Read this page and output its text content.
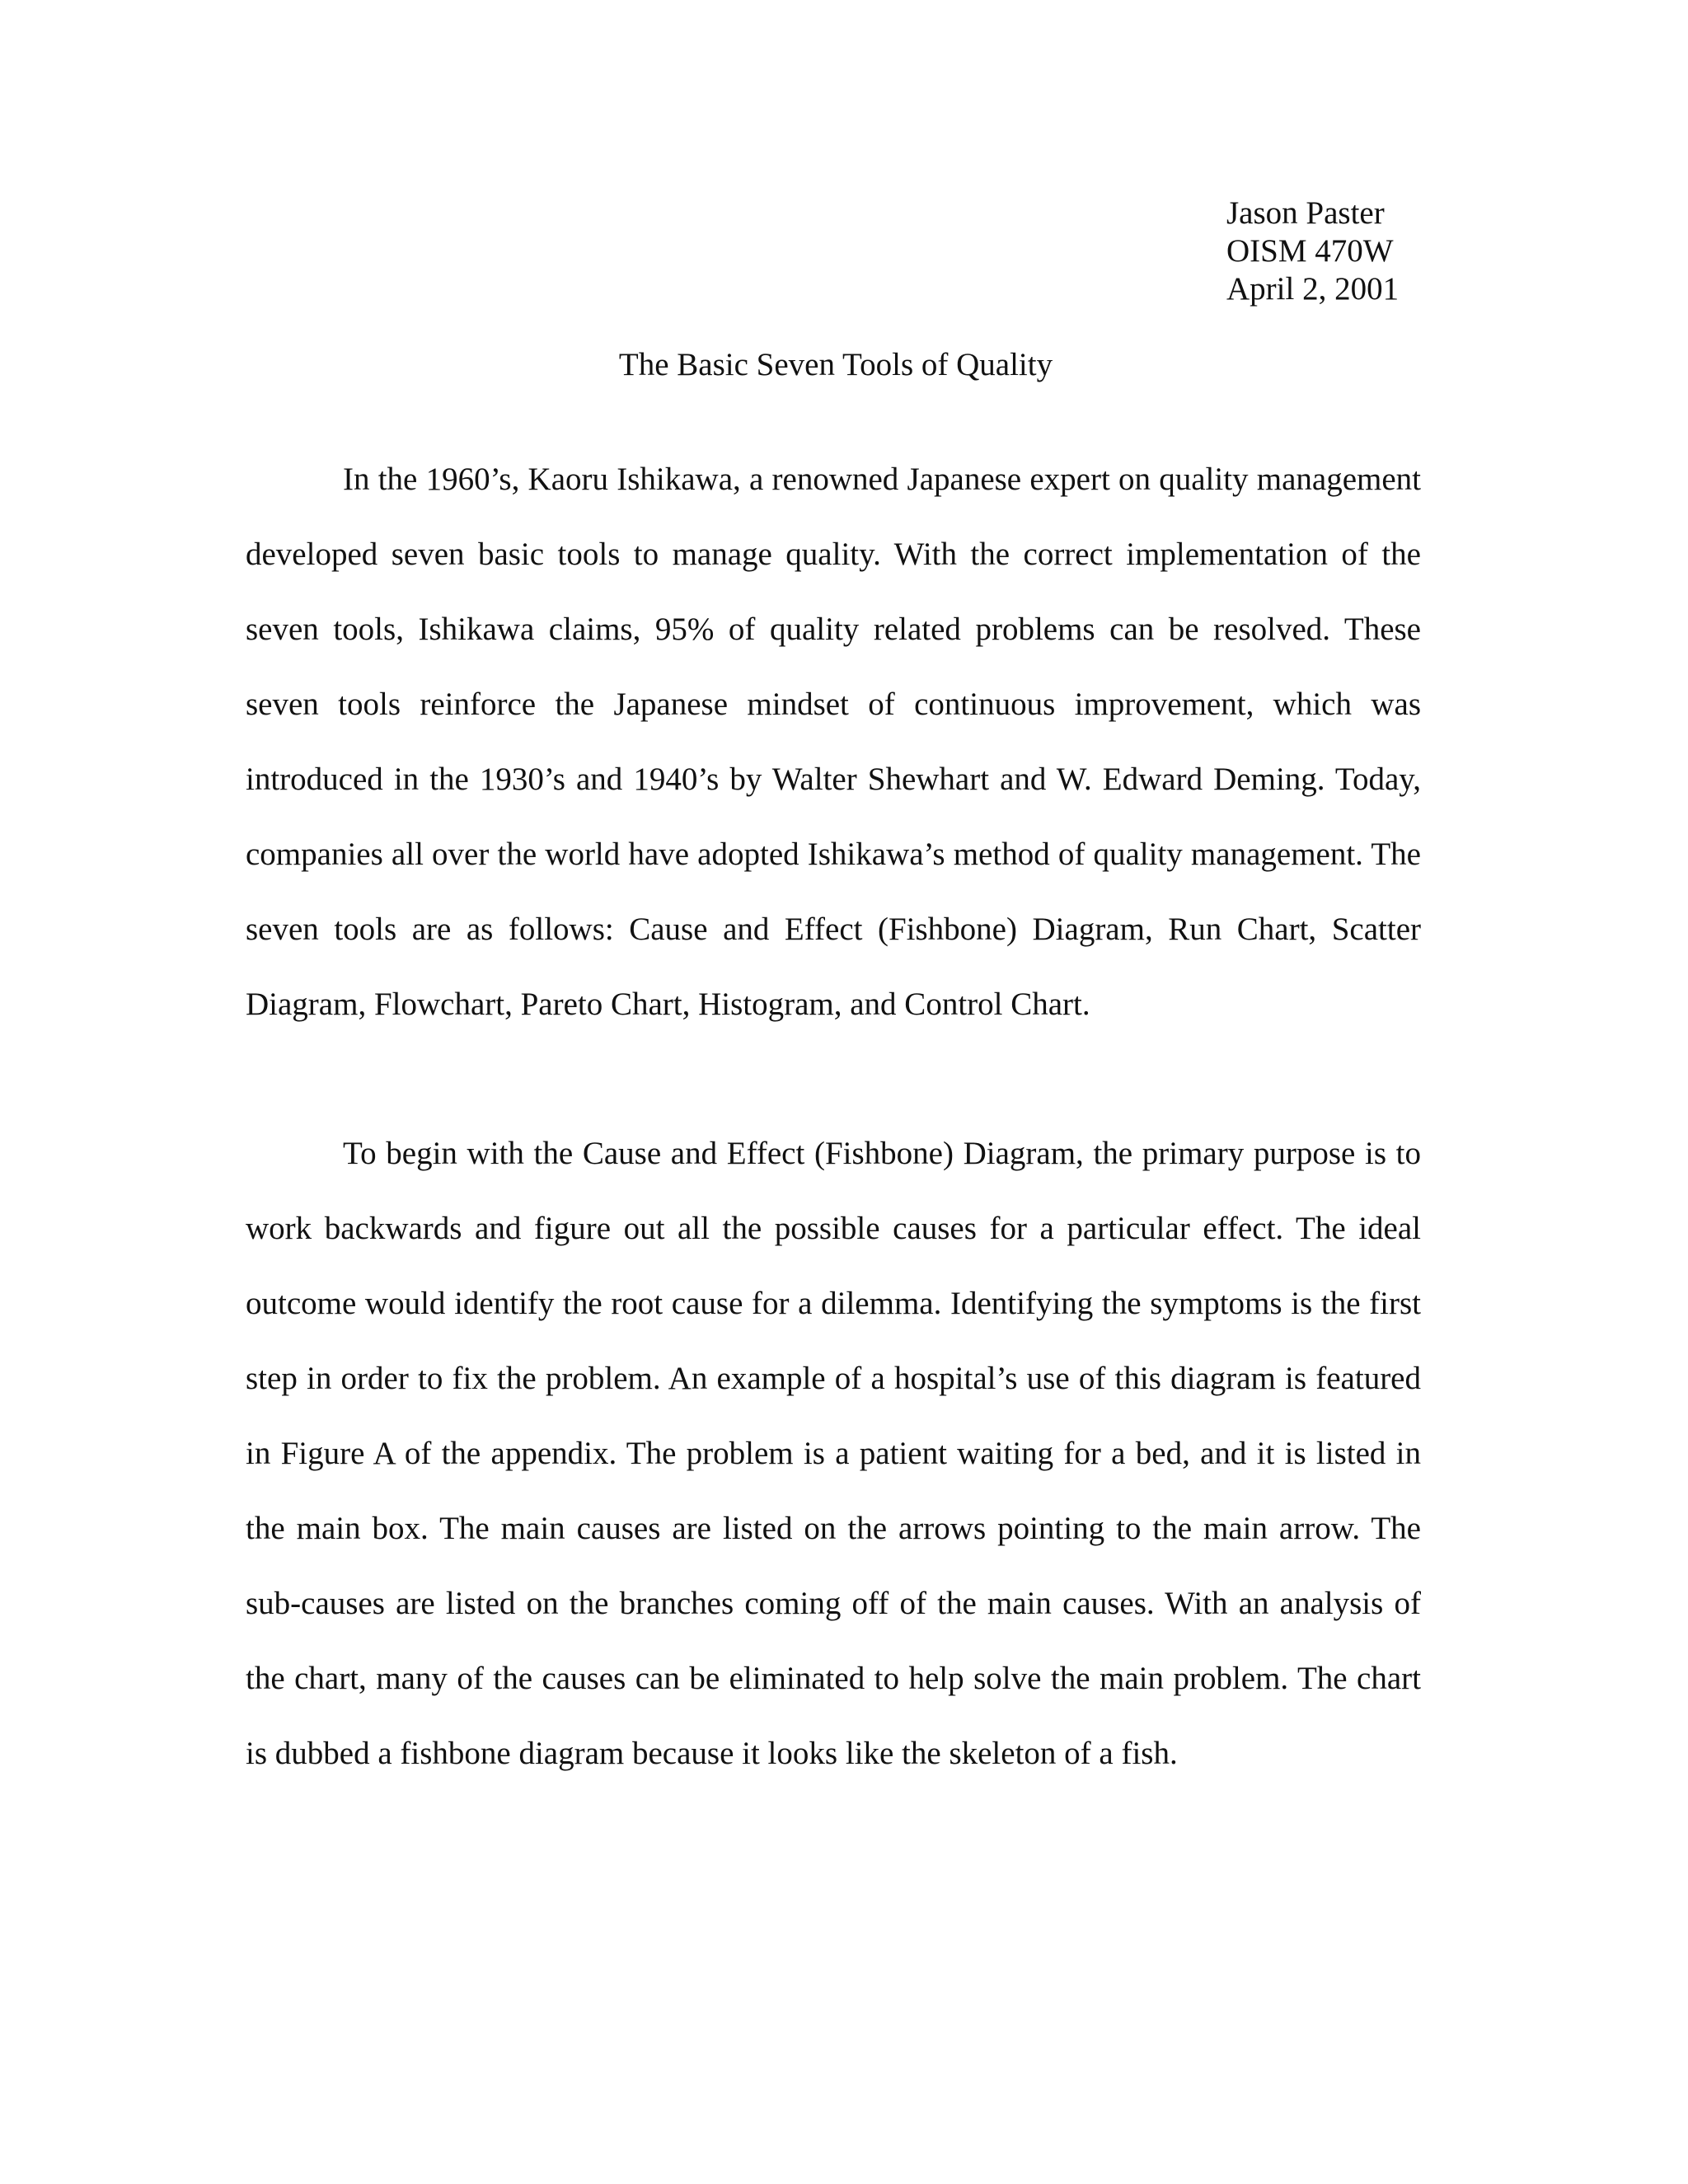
Jason Paster
OISM 470W
April 2, 2001
The Basic Seven Tools of Quality

In the 1960’s, Kaoru Ishikawa, a renowned Japanese expert on quality management developed seven basic tools to manage quality. With the correct implementation of the seven tools, Ishikawa claims, 95% of quality related problems can be resolved. These seven tools reinforce the Japanese mindset of continuous improvement, which was introduced in the 1930’s and 1940’s by Walter Shewhart and W. Edward Deming. Today, companies all over the world have adopted Ishikawa’s method of quality management. The seven tools are as follows: Cause and Effect (Fishbone) Diagram, Run Chart, Scatter Diagram, Flowchart, Pareto Chart, Histogram, and Control Chart.

To begin with the Cause and Effect (Fishbone) Diagram, the primary purpose is to work backwards and figure out all the possible causes for a particular effect. The ideal outcome would identify the root cause for a dilemma. Identifying the symptoms is the first step in order to fix the problem. An example of a hospital’s use of this diagram is featured in Figure A of the appendix. The problem is a patient waiting for a bed, and it is listed in the main box. The main causes are listed on the arrows pointing to the main arrow. The sub-causes are listed on the branches coming off of the main causes. With an analysis of the chart, many of the causes can be eliminated to help solve the main problem. The chart is dubbed a fishbone diagram because it looks like the skeleton of a fish.
